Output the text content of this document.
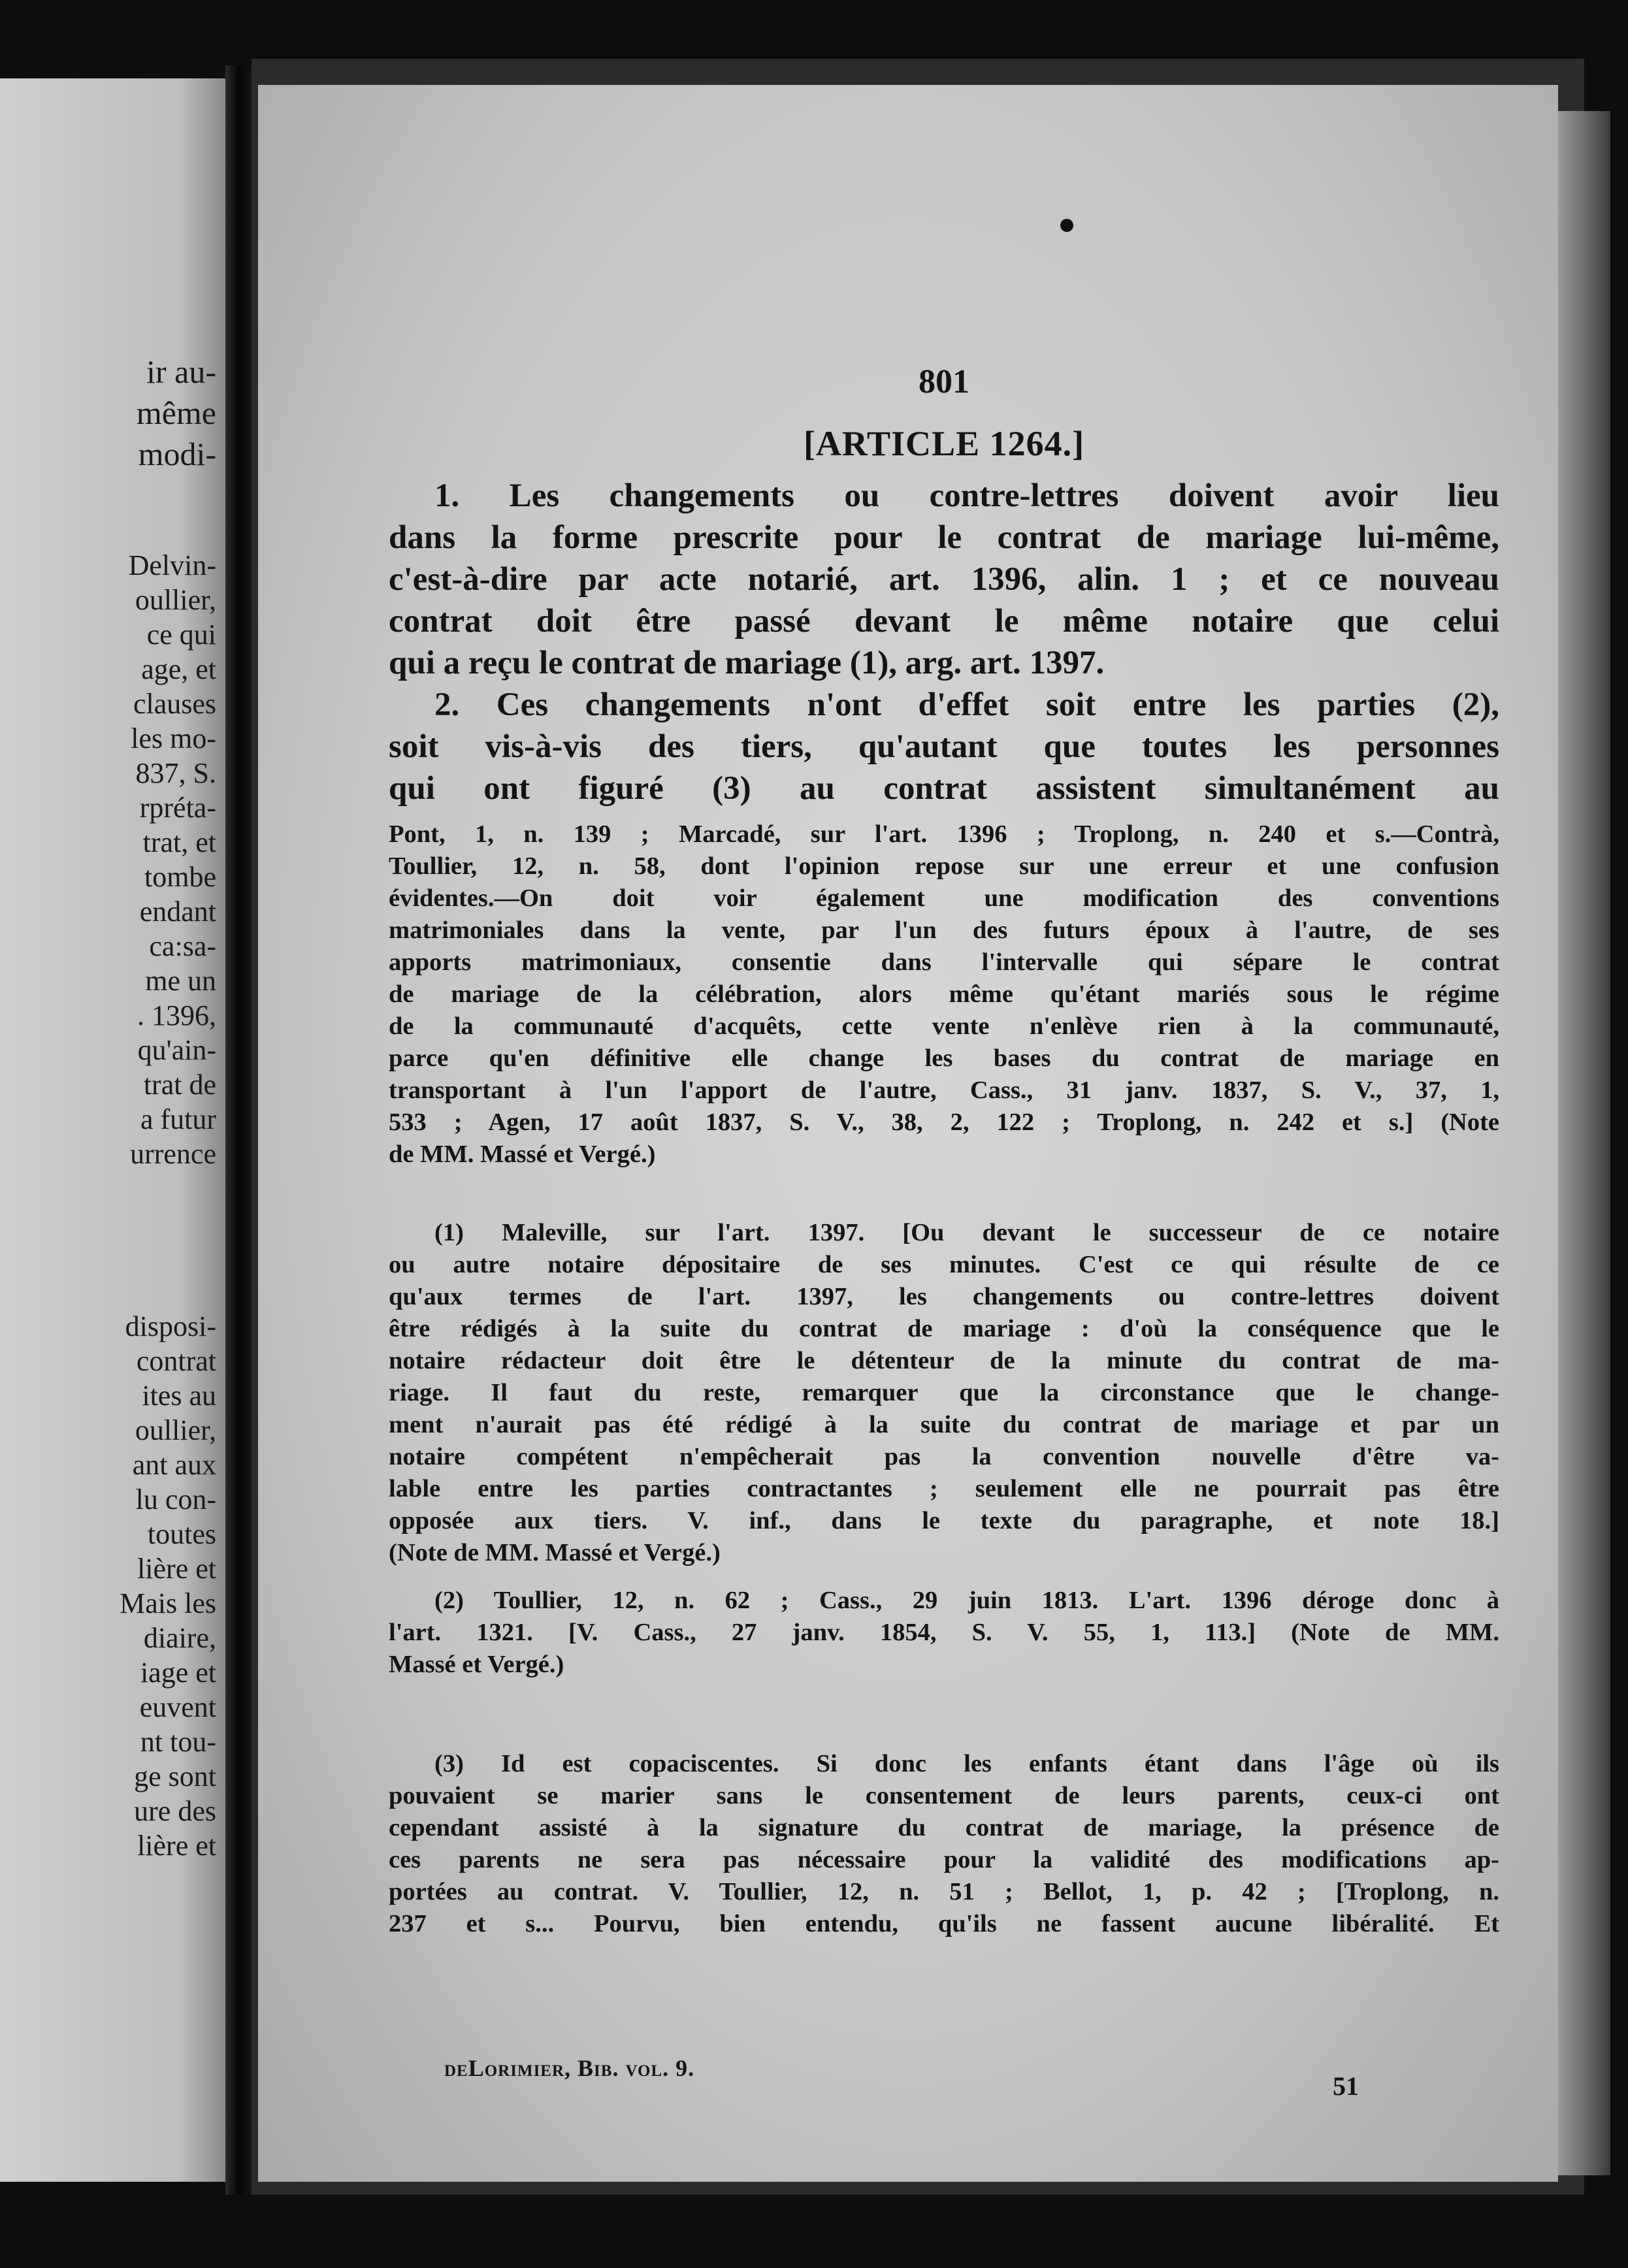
ir au-
même
modi-
Delvin-
oullier,
ce qui
age, et
clauses
les mo-
837, S.
rpréta-
trat, et
tombe
endant
ca:sa-
me un
. 1396,
qu'ain-
trat de
a futur
urrence
disposi-
contrat
ites au
oullier,
ant aux
lu con-
toutes
lière et
Mais les
diaire,
iage et
euvent
nt tou-
ge sont
ure des
lière et
801
[ARTICLE 1264.]
1. Les changements ou contre-lettres doivent avoir lieu
dans la forme prescrite pour le contrat de mariage lui-même,
c'est-à-dire par acte notarié, art. 1396, alin. 1 ; et ce nouveau
contrat doit être passé devant le même notaire que celui
qui a reçu le contrat de mariage (1), arg. art. 1397.
2. Ces changements n'ont d'effet soit entre les parties (2),
soit vis-à-vis des tiers, qu'autant que toutes les personnes
qui ont figuré (3) au contrat assistent simultanément au
Pont, 1, n. 139 ; Marcadé, sur l'art. 1396 ; Troplong, n. 240 et s.—Contrà,
Toullier, 12, n. 58, dont l'opinion repose sur une erreur et une confusion
évidentes.—On doit voir également une modification des conventions
matrimoniales dans la vente, par l'un des futurs époux à l'autre, de ses
apports matrimoniaux, consentie dans l'intervalle qui sépare le contrat
de mariage de la célébration, alors même qu'étant mariés sous le régime
de la communauté d'acquêts, cette vente n'enlève rien à la communauté,
parce qu'en définitive elle change les bases du contrat de mariage en
transportant à l'un l'apport de l'autre, Cass., 31 janv. 1837, S. V., 37, 1,
533 ; Agen, 17 août 1837, S. V., 38, 2, 122 ; Troplong, n. 242 et s.] (Note
de MM. Massé et Vergé.)
(1) Maleville, sur l'art. 1397. [Ou devant le successeur de ce notaire
ou autre notaire dépositaire de ses minutes. C'est ce qui résulte de ce
qu'aux termes de l'art. 1397, les changements ou contre-lettres doivent
être rédigés à la suite du contrat de mariage : d'où la conséquence que le
notaire rédacteur doit être le détenteur de la minute du contrat de ma-
riage. Il faut du reste, remarquer que la circonstance que le change-
ment n'aurait pas été rédigé à la suite du contrat de mariage et par un
notaire compétent n'empêcherait pas la convention nouvelle d'être va-
lable entre les parties contractantes ; seulement elle ne pourrait pas être
opposée aux tiers. V. inf., dans le texte du paragraphe, et note 18.]
(Note de MM. Massé et Vergé.)
(2) Toullier, 12, n. 62 ; Cass., 29 juin 1813. L'art. 1396 déroge donc à
l'art. 1321. [V. Cass., 27 janv. 1854, S. V. 55, 1, 113.] (Note de MM.
Massé et Vergé.)
(3) Id est copaciscentes. Si donc les enfants étant dans l'âge où ils
pouvaient se marier sans le consentement de leurs parents, ceux-ci ont
cependant assisté à la signature du contrat de mariage, la présence de
ces parents ne sera pas nécessaire pour la validité des modifications ap-
portées au contrat. V. Toullier, 12, n. 51 ; Bellot, 1, p. 42 ; [Troplong, n.
237 et s... Pourvu, bien entendu, qu'ils ne fassent aucune libéralité. Et
deLorimier, Bib. vol. 9.
51
